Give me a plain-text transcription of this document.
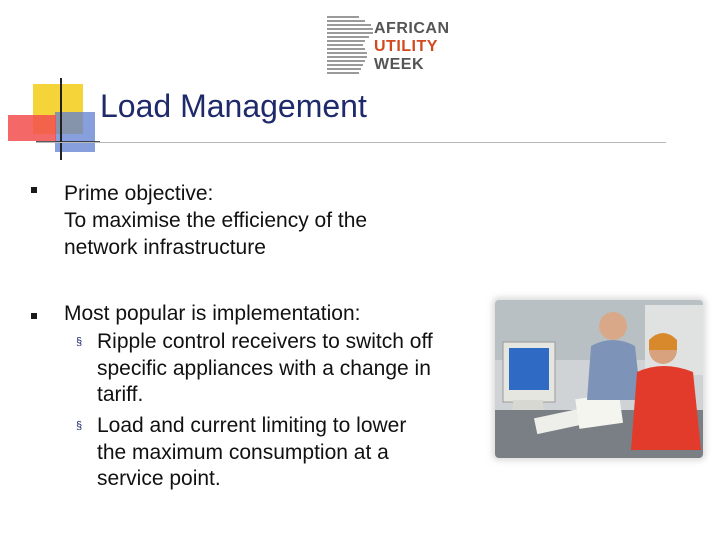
AFRICAN
UTILITY
WEEK
Load Management
Prime objective:
To maximise the efficiency of the
network infrastructure
Most popular is implementation:
§ Ripple control receivers to switch off
specific appliances with a change in
tariff.
§ Load and current limiting to lower
the maximum consumption at a
service point.
